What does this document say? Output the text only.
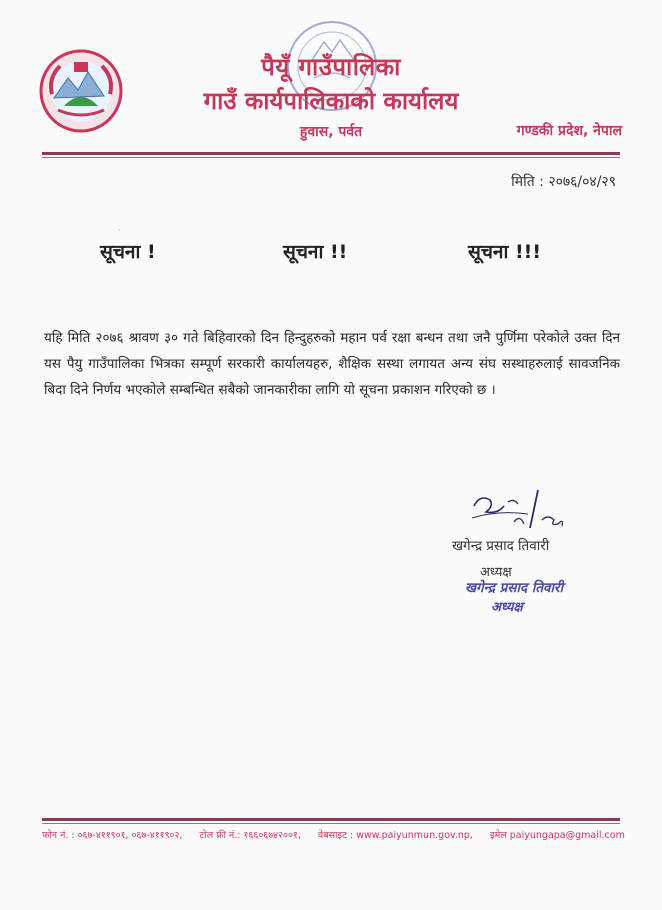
पैयूँ गाउँपालिका
गाउँ कार्यपालिकाको कार्यालय
हुवास, पर्वत	गण्डकी प्रदेश, नेपाल
मिति : २०७६/०४/२९
·
सूचना !	सूचना !!	सूचना !!!
यहि मिति २०७६ श्रावण ३० गते बिहिवारको दिन हिन्दुहरुको महान पर्व रक्षा बन्धन तथा जनै पुर्णिमा परेकोले उक्त दिन यस पैयु गाउँपालिका भित्रका सम्पूर्ण सरकारी कार्यालयहरु, शैक्षिक सस्था लगायत अन्य संघ सस्थाहरुलाई सावजनिक बिदा दिने निर्णय भएकोले सम्बन्धित सबैको जानकारीका लागि यो सूचना प्रकाशन गरिएको छ ।
खगेन्द्र प्रसाद तिवारी
अध्यक्ष
खगेन्द्र प्रसाद तिवारी
अध्यक्ष
फोन नं. : ०६७-४११९०१, ०६७-४११९०२, टोल फ्री नं.: १६६०६७४२००१, वेबसाइट : www.paiyunmun.gov.np, इमेल paiyungapa@gmail.com
